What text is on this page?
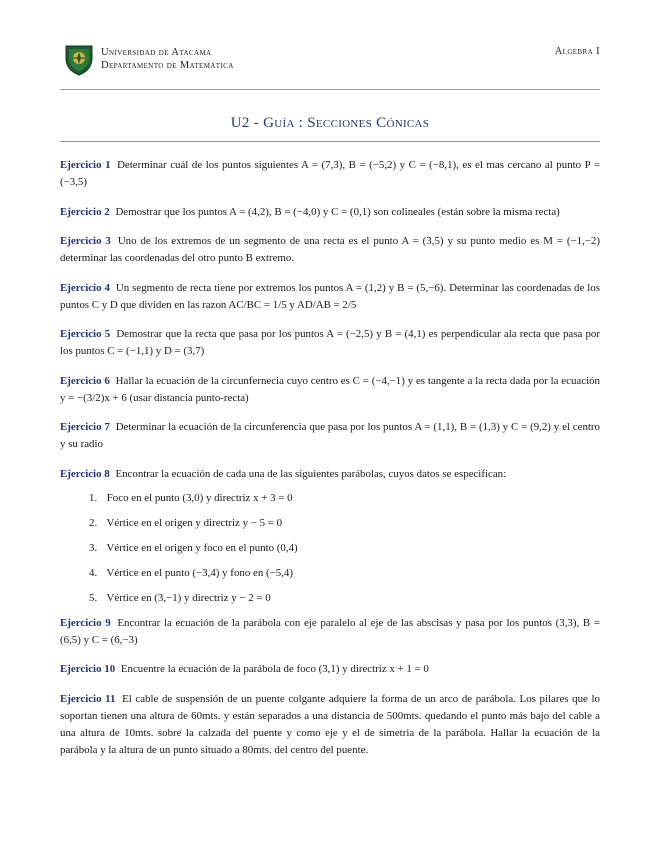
Universidad de Atacama
Departamento de Matemática
Algebra I
U2 - Guía : Secciones Cónicas
Ejercicio 1 Determinar cuál de los puntos siguientes A = (7,3), B = (−5,2) y C = (−8,1), es el mas cercano al punto P = (−3,5)
Ejercicio 2 Demostrar que los puntos A = (4,2), B = (−4,0) y C = (0,1) son colineales (están sobre la misma recta)
Ejercicio 3 Uno de los extremos de un segmento de una recta es el punto A = (3,5) y su punto medio es M = (−1,−2) determinar las coordenadas del otro punto B extremo.
Ejercicio 4 Un segmento de recta tiene por extremos los puntos A = (1,2) y B = (5,−6). Determinar las coordenadas de los puntos C y D que dividen en las razon AC/BC = 1/5 y AD/AB = 2/5
Ejercicio 5 Demostrar que la recta que pasa por los puntos A = (−2,5) y B = (4,1) es perpendicular ala recta que pasa por los puntos C = (−1,1) y D = (3,7)
Ejercicio 6 Hallar la ecuación de la circunfernecia cuyo centro es C = (−4,−1) y es tangente a la recta dada por la ecuación y = −(3/2)x + 6 (usar distancia punto-recta)
Ejercicio 7 Determinar la ecuación de la circunferencia que pasa por los puntos A = (1,1), B = (1,3) y C = (9,2) y el centro y su radio
Ejercicio 8 Encontrar la ecuación de cada una de las siguientes parábolas, cuyos datos se especifican:
1. Foco en el punto (3,0) y directriz x + 3 = 0
2. Vértice en el origen y directriz y − 5 = 0
3. Vértice en el origen y foco en el punto (0,4)
4. Vértice en el punto (−3,4) y fono en (−5,4)
5. Vértice en (3,−1) y directriz y − 2 = 0
Ejercicio 9 Encontrar la ecuación de la parábola con eje paralelo al eje de las abscisas y pasa por los puntos (3,3), B = (6,5) y C = (6,−3)
Ejercicio 10 Encuentre la ecuación de la parábola de foco (3,1) y directriz x + 1 = 0
Ejercicio 11 El cable de suspensión de un puente colgante adquiere la forma de un arco de parábola. Los pilares que lo soportan tienen una altura de 60mts. y están separados a una distancia de 500mts. quedando el punto más bajo del cable a una altura de 10mts. sobre la calzada del puente y como eje y el de simetria de la parábola. Hallar la ecuación de la parábola y la altura de un punto situado a 80mts. del centro del puente.
